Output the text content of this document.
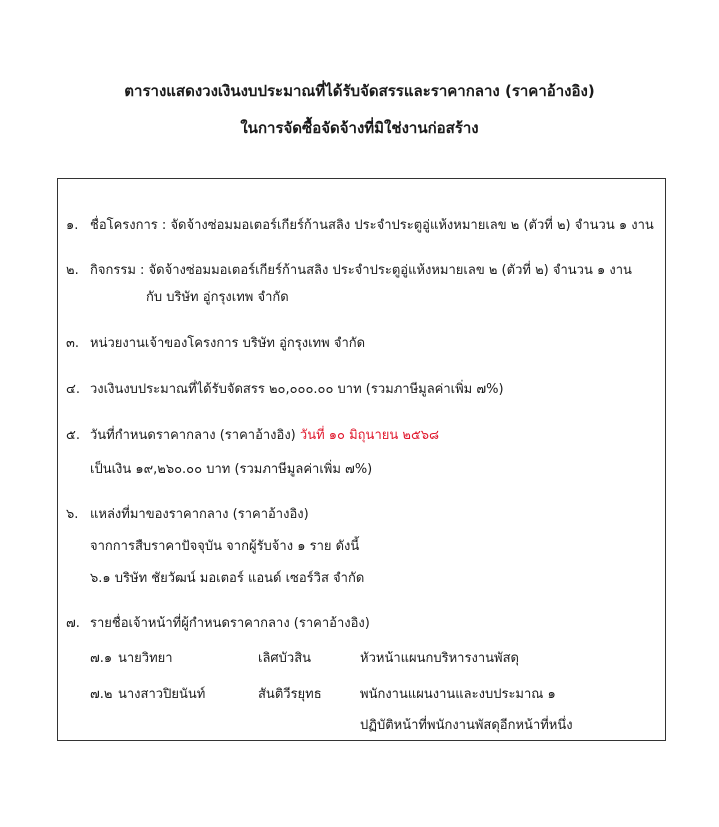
ตารางแสดงวงเงินงบประมาณที่ได้รับจัดสรรและราคากลาง (ราคาอ้างอิง)
ในการจัดซื้อจัดจ้างที่มิใช่งานก่อสร้าง
๑. ชื่อโครงการ : จัดจ้างซ่อมมอเตอร์เกียร์ก้านสลิง ประจำประตูอู่แห้งหมายเลข ๒ (ตัวที่ ๒) จำนวน ๑ งาน
๒. กิจกรรม : จัดจ้างซ่อมมอเตอร์เกียร์ก้านสลิง ประจำประตูอู่แห้งหมายเลข ๒ (ตัวที่ ๒) จำนวน ๑ งาน
กับ บริษัท อู่กรุงเทพ จำกัด
๓. หน่วยงานเจ้าของโครงการ บริษัท อู่กรุงเทพ จำกัด
๔. วงเงินงบประมาณที่ได้รับจัดสรร ๒๐,๐๐๐.๐๐ บาท (รวมภาษีมูลค่าเพิ่ม ๗%)
๕. วันที่กำหนดราคากลาง (ราคาอ้างอิง) วันที่ ๑๐ มิถุนายน ๒๕๖๘
เป็นเงิน ๑๙,๒๖๐.๐๐ บาท (รวมภาษีมูลค่าเพิ่ม ๗%)
๖. แหล่งที่มาของราคากลาง (ราคาอ้างอิง)
จากการสืบราคาปัจจุบัน จากผู้รับจ้าง ๑ ราย ดังนี้
๖.๑ บริษัท ชัยวัฒน์ มอเตอร์ แอนด์ เซอร์วิส จำกัด
๗. รายชื่อเจ้าหน้าที่ผู้กำหนดราคากลาง (ราคาอ้างอิง)
๗.๑ นายวิทยา	เลิศบัวสิน	หัวหน้าแผนกบริหารงานพัสดุ
๗.๒ นางสาวปิยนันท์	สันติวีรยุทธ	พนักงานแผนงานและงบประมาณ ๑
ปฏิบัติหน้าที่พนักงานพัสดุอีกหน้าที่หนึ่ง
